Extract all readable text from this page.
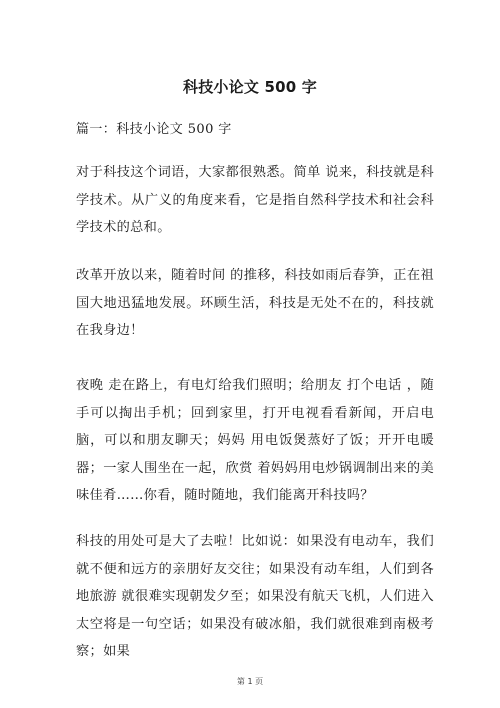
科技小论文 500 字
篇一：科技小论文 500 字
对于科技这个词语，大家都很熟悉。简单 说来，科技就是科学技术。从广义的角度来看，它是指自然科学技术和社会科学技术的总和。
改革开放以来，随着时间 的推移，科技如雨后春笋，正在祖国大地迅猛地发展。环顾生活，科技是无处不在的，科技就在我身边！
夜晚 走在路上，有电灯给我们照明；给朋友 打个电话 ，随手可以掏出手机；回到家里，打开电视看看新闻，开启电脑，可以和朋友聊天；妈妈 用电饭煲蒸好了饭；开开电暖器；一家人围坐在一起，欣赏 着妈妈用电炒锅调制出来的美味佳肴……你看，随时随地，我们能离开科技吗？
科技的用处可是大了去啦！比如说：如果没有电动车，我们就不便和远方的亲朋好友交往；如果没有动车组，人们到各地旅游 就很难实现朝发夕至；如果没有航天飞机，人们进入太空将是一句空话；如果没有破冰船，我们就很难到南极考察；如果
第 1 页
